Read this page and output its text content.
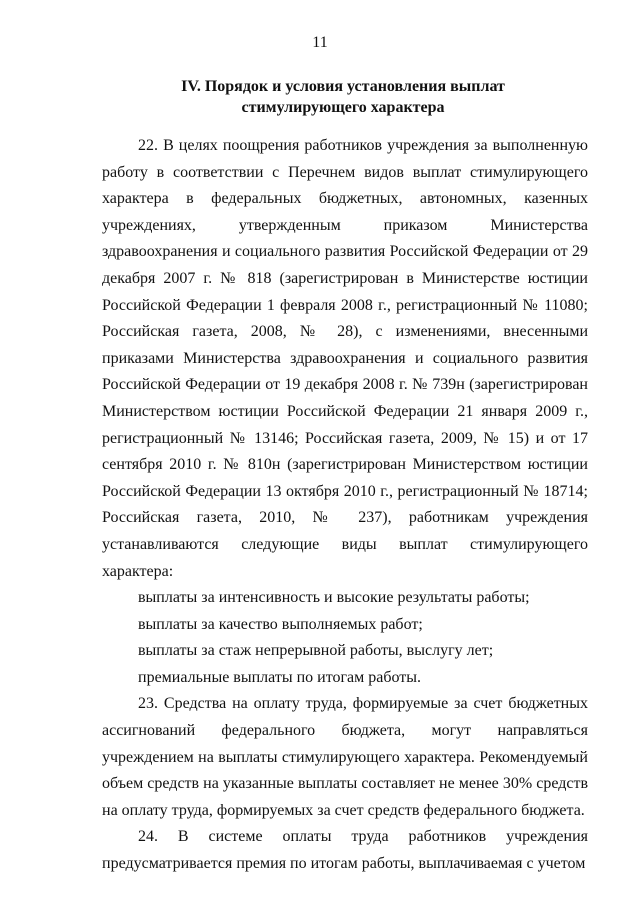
11
IV. Порядок и условия установления выплат
стимулирующего характера

22. В целях поощрения работников учреждения за выполненную работу в соответствии с Перечнем видов выплат стимулирующего характера в федеральных бюджетных, автономных, казенных учреждениях, утвержденным приказом Министерства здравоохранения и социального развития Российской Федерации от 29 декабря 2007 г. № 818 (зарегистрирован в Министерстве юстиции Российской Федерации 1 февраля 2008 г., регистрационный № 11080; Российская газета, 2008, № 28), с изменениями, внесенными приказами Министерства здравоохранения и социального развития Российской Федерации от 19 декабря 2008 г. № 739н (зарегистрирован Министерством юстиции Российской Федерации 21 января 2009 г., регистрационный № 13146; Российская газета, 2009, № 15) и от 17 сентября 2010 г. № 810н (зарегистрирован Министерством юстиции Российской Федерации 13 октября 2010 г., регистрационный № 18714; Российская газета, 2010, № 237), работникам учреждения устанавливаются следующие виды выплат стимулирующего характера:

выплаты за интенсивность и высокие результаты работы;

выплаты за качество выполняемых работ;

выплаты за стаж непрерывной работы, выслугу лет;

премиальные выплаты по итогам работы.

23. Средства на оплату труда, формируемые за счет бюджетных ассигнований федерального бюджета, могут направляться учреждением на выплаты стимулирующего характера. Рекомендуемый объем средств на указанные выплаты составляет не менее 30% средств на оплату труда, формируемых за счет средств федерального бюджета.

24. В системе оплаты труда работников учреждения предусматривается премия по итогам работы, выплачиваемая с учетом
